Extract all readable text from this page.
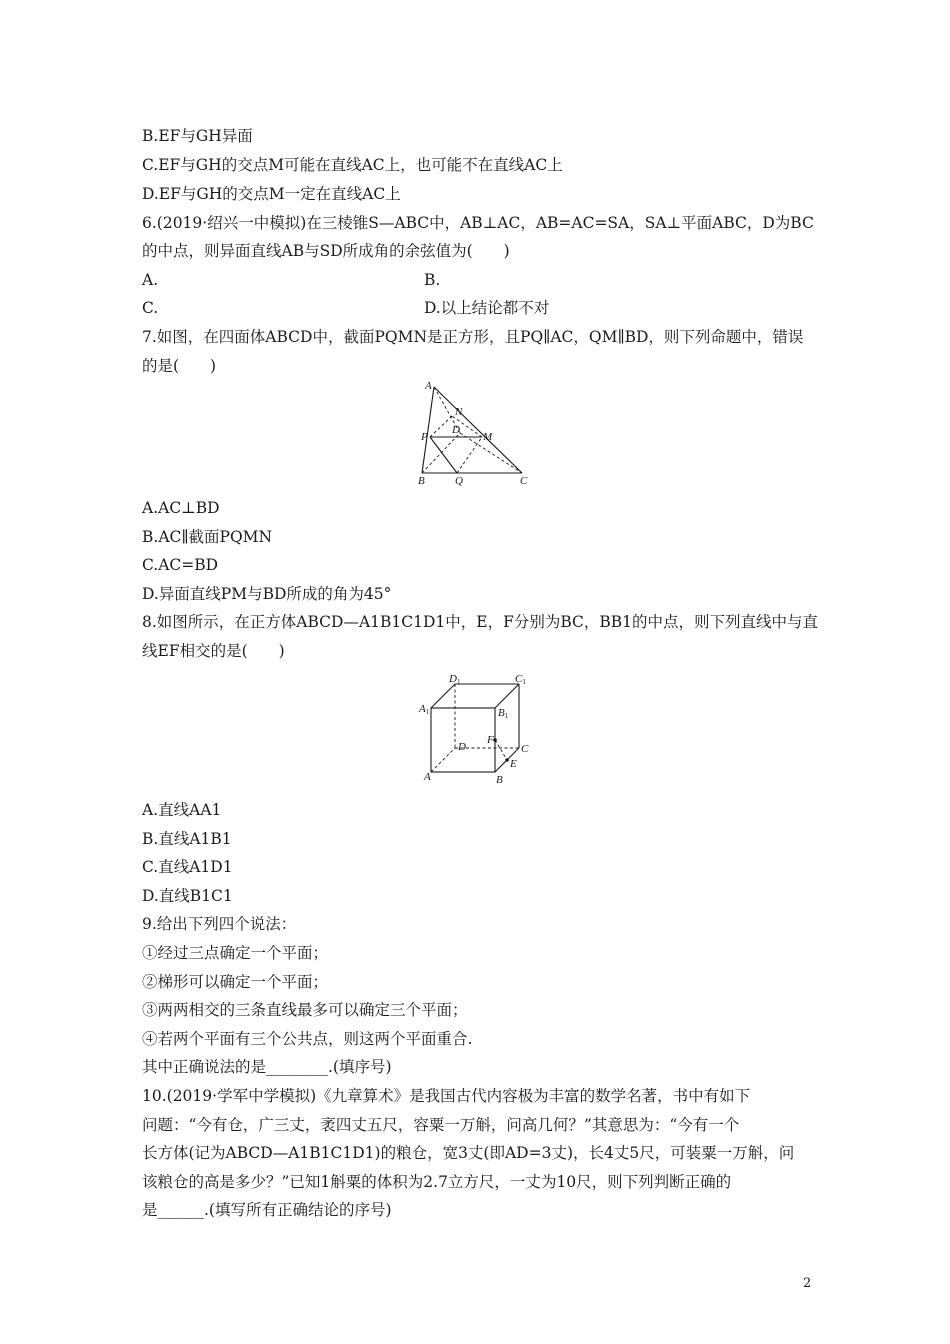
B.EF与GH异面
C.EF与GH的交点M可能在直线AC上，也可能不在直线AC上
D.EF与GH的交点M一定在直线AC上
6.(2019·绍兴一中模拟)在三棱锥S—ABC中，AB⊥AC，AB=AC=SA，SA⊥平面ABC，D为BC
的中点，则异面直线AB与SD所成角的余弦值为(　　)
A.	B.
C.	D.以上结论都不对
7.如图，在四面体ABCD中，截面PQMN是正方形，且PQ∥AC，QM∥BD，则下列命题中，错误
的是(　　)
A
N
D
P	M
B	Q	C
A.AC⊥BD
B.AC∥截面PQMN
C.AC=BD
D.异面直线PM与BD所成的角为45°
8.如图所示，在正方体ABCD—A1B1C1D1中，E，F分别为BC，BB1的中点，则下列直线中与直
线EF相交的是(　　)
D1	C1
A1	B1
D
F
C
E
A	B
A.直线AA1
B.直线A1B1
C.直线A1D1
D.直线B1C1
9.给出下列四个说法：
①经过三点确定一个平面；
②梯形可以确定一个平面；
③两两相交的三条直线最多可以确定三个平面；
④若两个平面有三个公共点，则这两个平面重合.
其中正确说法的是________.(填序号)
10.(2019·学军中学模拟)《九章算术》是我国古代内容极为丰富的数学名著，书中有如下
问题：“今有仓，广三丈，袤四丈五尺，容粟一万斛，问高几何？”其意思为：“今有一个
长方体(记为ABCD—A1B1C1D1)的粮仓，宽3丈(即AD=3丈)，长4丈5尺，可装粟一万斛，问
该粮仓的高是多少？”已知1斛粟的体积为2.7立方尺，一丈为10尺，则下列判断正确的
是______.(填写所有正确结论的序号)
2
